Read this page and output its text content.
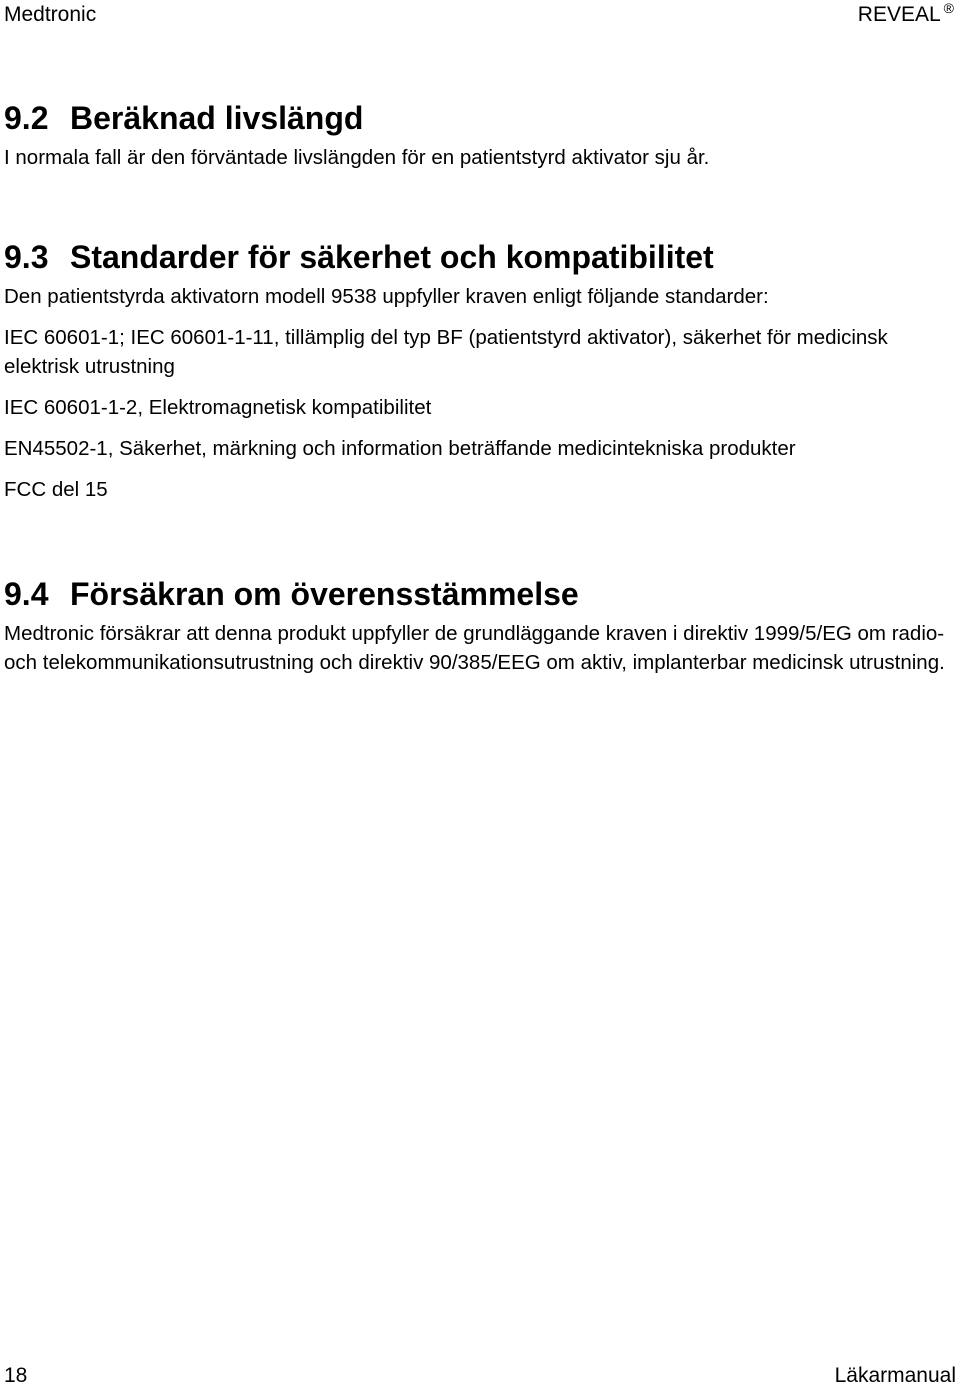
Medtronic	REVEAL ®
9.2 Beräknad livslängd

I normala fall är den förväntade livslängden för en patientstyrd aktivator sju år.

9.3 Standarder för säkerhet och kompatibilitet

Den patientstyrda aktivatorn modell 9538 uppfyller kraven enligt följande standarder:

IEC 60601-1; IEC 60601-1-11, tillämplig del typ BF (patientstyrd aktivator), säkerhet för medicinsk elektrisk utrustning

IEC 60601-1-2, Elektromagnetisk kompatibilitet

EN45502-1, Säkerhet, märkning och information beträffande medicintekniska produkter

FCC del 15

9.4 Försäkran om överensstämmelse

Medtronic försäkrar att denna produkt uppfyller de grundläggande kraven i direktiv 1999/5/EG om radio- och telekommunikationsutrustning och direktiv 90/385/EEG om aktiv, implanterbar medicinsk utrustning.

18	Läkarmanual
